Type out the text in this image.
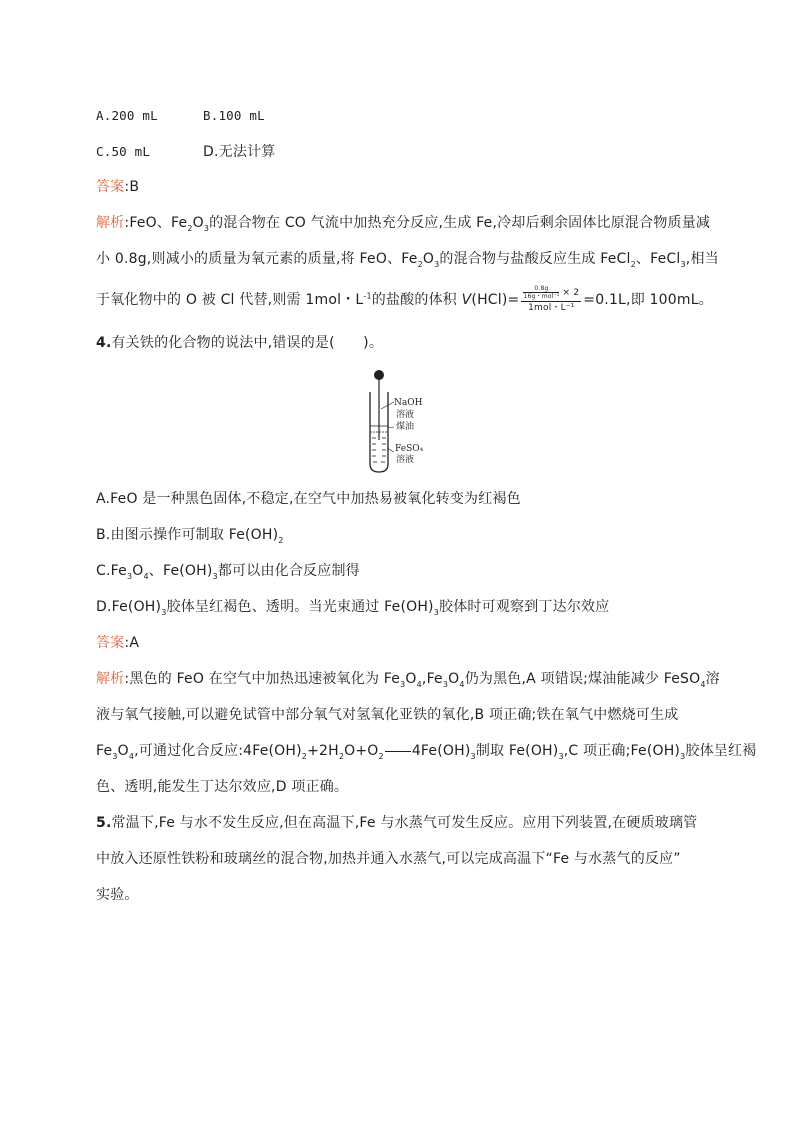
A.200 mL	B.100 mL
C.50 mL	D.无法计算
答案:B
解析:FeO、$Fe_2O_3$的混合物在 CO 气流中加热充分反应,生成 Fe,冷却后剩余固体比原混合物质量减
小 0.8g,则减小的质量为氧元素的质量,将 FeO、$Fe_2O_3$的混合物与盐酸反应生成 FeCl$_2$、FeCl$_3$,相当
于氧化物中的 O 被 Cl 代替,则需 1mol・$L^{-1}$的盐酸的体积 $V(HCl)= \frac{\frac{0.8g}{\text{16g・mol⁻¹}} \times 2}{\text{1mol・L⁻¹}} =0.1L$,即 100mL。
4.有关铁的化合物的说法中,错误的是(　　)。
NaOH
溶液
煤油
FeSO₄
溶液
A.FeO 是一种黑色固体,不稳定,在空气中加热易被氧化转变为红褐色
B.由图示操作可制取 $Fe(OH)_2$
$C.Fe_3O_4$、$Fe(OH)_3$都可以由化合反应制得
$D.Fe(OH)_3$胶体呈红褐色、透明。当光束通过 $Fe(OH)_3$胶体时可观察到丁达尔效应
答案:A
解析:黑色的 FeO 在空气中加热迅速被氧化为 $Fe_3O_4,Fe_3O_4$仍为黑色,A 项错误;煤油能减少 FeSO$_4$溶
液与氧气接触,可以避免试管中部分氧气对氢氧化亚铁的氧化,B 项正确;铁在氧气中燃烧可生成
$Fe_3O_4$,可通过化合反应$:4Fe(OH)_2+2H_2O+O_2$ $4Fe(OH)_3$制取 $Fe(OH)_3,C$ 项正确$;Fe(OH)_3$胶体呈红褐
色、透明,能发生丁达尔效应,D 项正确。
5.常温下,Fe 与水不发生反应,但在高温下,Fe 与水蒸气可发生反应。应用下列装置,在硬质玻璃管
中放入还原性铁粉和玻璃丝的混合物,加热并通入水蒸气,可以完成高温下“Fe 与水蒸气的反应”
实验。
